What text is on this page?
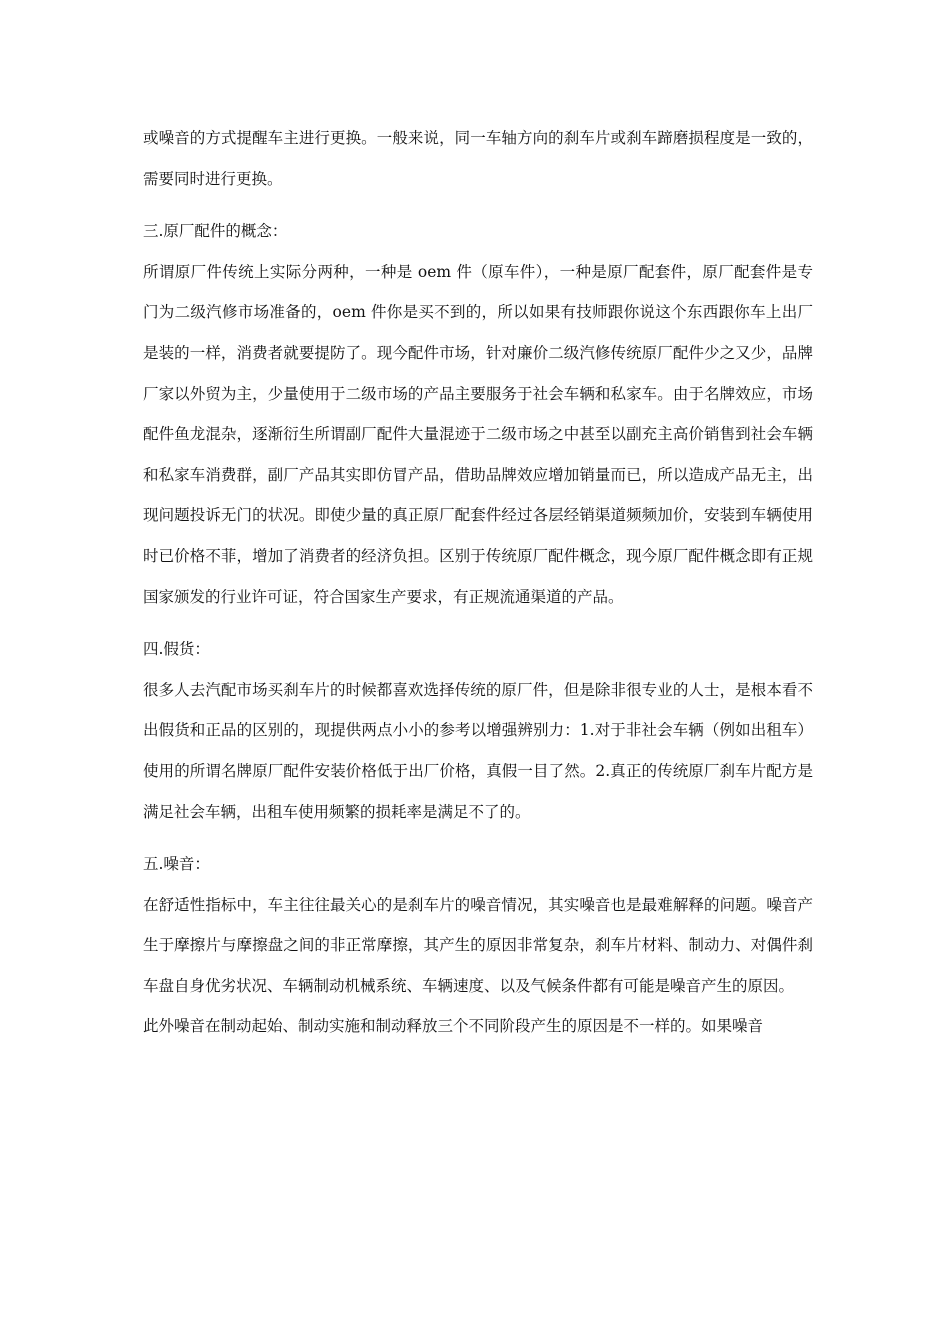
或噪音的方式提醒车主进行更换。一般来说，同一车轴方向的刹车片或刹车蹄磨损程度是一致的，需要同时进行更换。

三.原厂配件的概念：

所谓原厂件传统上实际分两种，一种是 oem 件（原车件），一种是原厂配套件，原厂配套件是专门为二级汽修市场准备的，oem 件你是买不到的，所以如果有技师跟你说这个东西跟你车上出厂是装的一样，消费者就要提防了。现今配件市场，针对廉价二级汽修传统原厂配件少之又少，品牌厂家以外贸为主，少量使用于二级市场的产品主要服务于社会车辆和私家车。由于名牌效应，市场配件鱼龙混杂，逐渐衍生所谓副厂配件大量混迹于二级市场之中甚至以副充主高价销售到社会车辆和私家车消费群，副厂产品其实即仿冒产品，借助品牌效应增加销量而已，所以造成产品无主，出现问题投诉无门的状况。即使少量的真正原厂配套件经过各层经销渠道频频加价，安装到车辆使用时已价格不菲，增加了消费者的经济负担。区别于传统原厂配件概念，现今原厂配件概念即有正规国家颁发的行业许可证，符合国家生产要求，有正规流通渠道的产品。

四.假货：

很多人去汽配市场买刹车片的时候都喜欢选择传统的原厂件，但是除非很专业的人士，是根本看不出假货和正品的区别的，现提供两点小小的参考以增强辨别力：1.对于非社会车辆（例如出租车）使用的所谓名牌原厂配件安装价格低于出厂价格，真假一目了然。2.真正的传统原厂刹车片配方是满足社会车辆，出租车使用频繁的损耗率是满足不了的。

五.噪音：

在舒适性指标中，车主往往最关心的是刹车片的噪音情况，其实噪音也是最难解释的问题。噪音产生于摩擦片与摩擦盘之间的非正常摩擦，其产生的原因非常复杂，刹车片材料、制动力、对偶件刹车盘自身优劣状况、车辆制动机械系统、车辆速度、以及气候条件都有可能是噪音产生的原因。

此外噪音在制动起始、制动实施和制动释放三个不同阶段产生的原因是不一样的。如果噪音
